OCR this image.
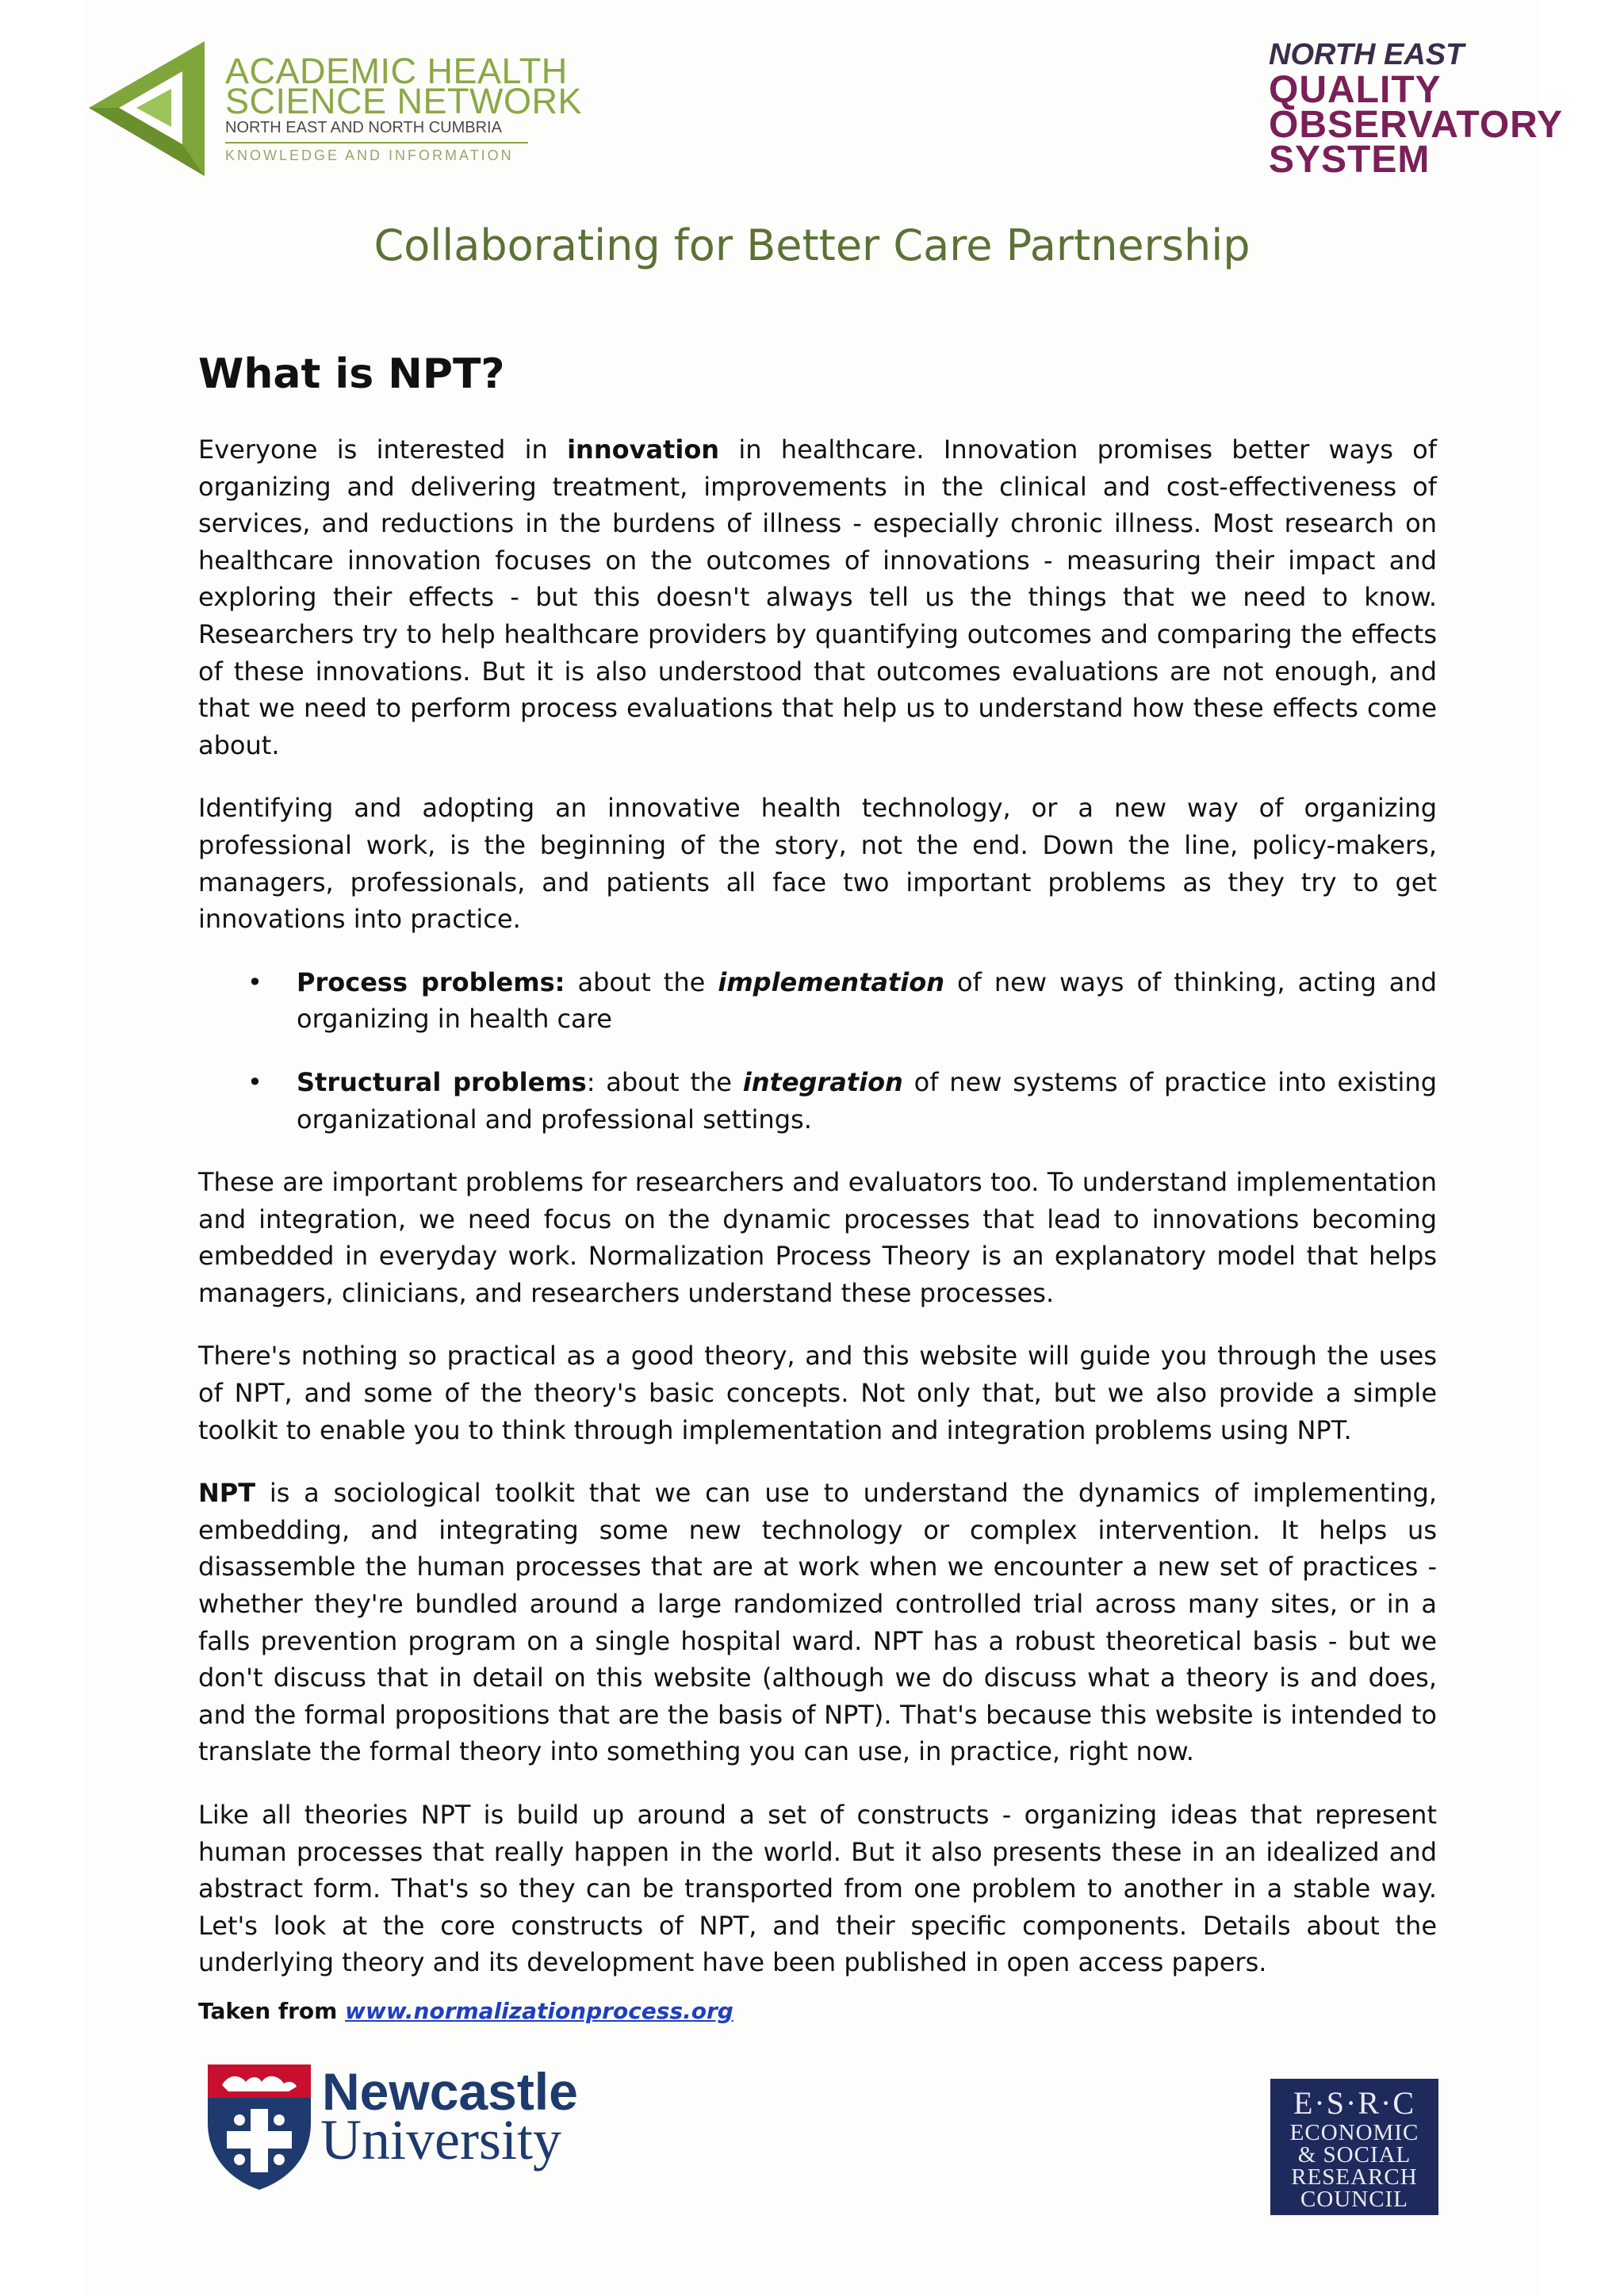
ACADEMIC HEALTH
SCIENCE NETWORK
NORTH EAST AND NORTH CUMBRIA
KNOWLEDGE AND INFORMATION
NORTH EAST
QUALITY
OBSERVATORY
SYSTEM
Collaborating for Better Care Partnership
What is NPT?

Everyone is interested in innovation in healthcare. Innovation promises better ways of organizing and delivering treatment, improvements in the clinical and cost-effectiveness of services, and reductions in the burdens of illness - especially chronic illness. Most research on healthcare innovation focuses on the outcomes of innovations - measuring their impact and exploring their effects - but this doesn't always tell us the things that we need to know. Researchers try to help healthcare providers by quantifying outcomes and comparing the effects of these innovations. But it is also understood that outcomes evaluations are not enough, and that we need to perform process evaluations that help us to understand how these effects come about.

Identifying and adopting an innovative health technology, or a new way of organizing professional work, is the beginning of the story, not the end. Down the line, policy-makers, managers, professionals, and patients all face two important problems as they try to get innovations into practice.

• Process problems: about the implementation of new ways of thinking, acting and organizing in health care
• Structural problems: about the integration of new systems of practice into existing organizational and professional settings.

These are important problems for researchers and evaluators too. To understand implementation and integration, we need focus on the dynamic processes that lead to innovations becoming embedded in everyday work. Normalization Process Theory is an explanatory model that helps managers, clinicians, and researchers understand these processes.

There's nothing so practical as a good theory, and this website will guide you through the uses of NPT, and some of the theory's basic concepts. Not only that, but we also provide a simple toolkit to enable you to think through implementation and integration problems using NPT.

NPT is a sociological toolkit that we can use to understand the dynamics of implementing, embedding, and integrating some new technology or complex intervention. It helps us disassemble the human processes that are at work when we encounter a new set of practices - whether they're bundled around a large randomized controlled trial across many sites, or in a falls prevention program on a single hospital ward. NPT has a robust theoretical basis - but we don't discuss that in detail on this website (although we do discuss what a theory is and does, and the formal propositions that are the basis of NPT). That's because this website is intended to translate the formal theory into something you can use, in practice, right now.

Like all theories NPT is build up around a set of constructs - organizing ideas that represent human processes that really happen in the world. But it also presents these in an idealized and abstract form. That's so they can be transported from one problem to another in a stable way. Let's look at the core constructs of NPT, and their specific components. Details about the underlying theory and its development have been published in open access papers.

Taken from www.normalizationprocess.org
Newcastle
University
E·S·R·C
ECONOMIC
& SOCIAL
RESEARCH
COUNCIL
